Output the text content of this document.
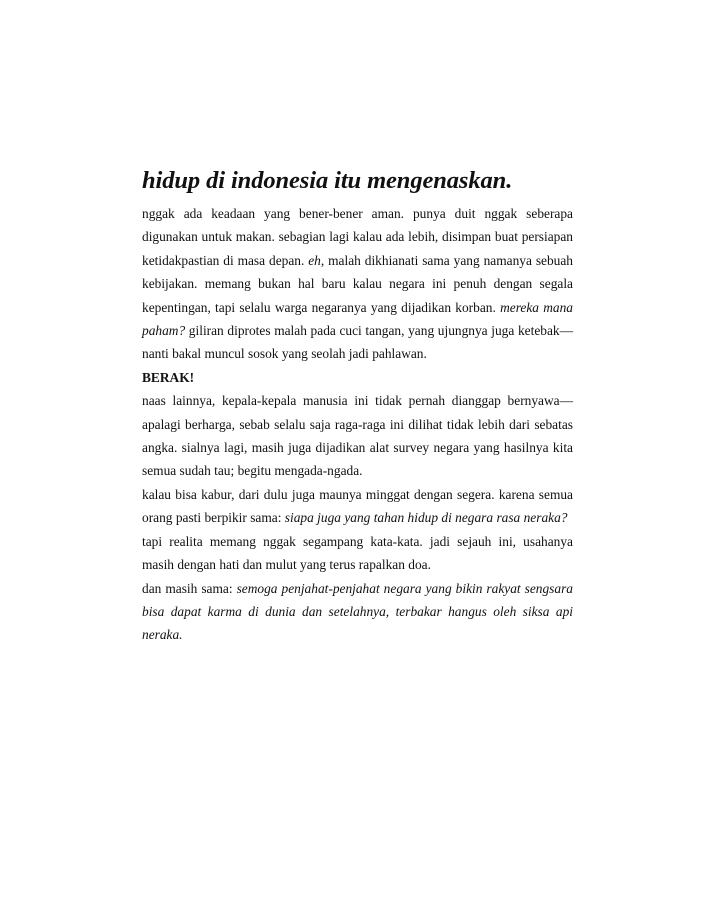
hidup di indonesia itu mengenaskan.

nggak ada keadaan yang bener-bener aman. punya duit nggak seberapa digunakan untuk makan. sebagian lagi kalau ada lebih, disimpan buat persiapan ketidakpastian di masa depan. eh, malah dikhianati sama yang namanya sebuah kebijakan. memang bukan hal baru kalau negara ini penuh dengan segala kepentingan, tapi selalu warga negaranya yang dijadikan korban. mereka mana paham? giliran diprotes malah pada cuci tangan, yang ujungnya juga ketebak—nanti bakal muncul sosok yang seolah jadi pahlawan.

BERAK!

naas lainnya, kepala-kepala manusia ini tidak pernah dianggap bernyawa—apalagi berharga, sebab selalu saja raga-raga ini dilihat tidak lebih dari sebatas angka. sialnya lagi, masih juga dijadikan alat survey negara yang hasilnya kita semua sudah tau; begitu mengada-ngada.

kalau bisa kabur, dari dulu juga maunya minggat dengan segera. karena semua orang pasti berpikir sama: siapa juga yang tahan hidup di negara rasa neraka?

tapi realita memang nggak segampang kata-kata. jadi sejauh ini, usahanya masih dengan hati dan mulut yang terus rapalkan doa.

dan masih sama: semoga penjahat-penjahat negara yang bikin rakyat sengsara bisa dapat karma di dunia dan setelahnya, terbakar hangus oleh siksa api neraka.
